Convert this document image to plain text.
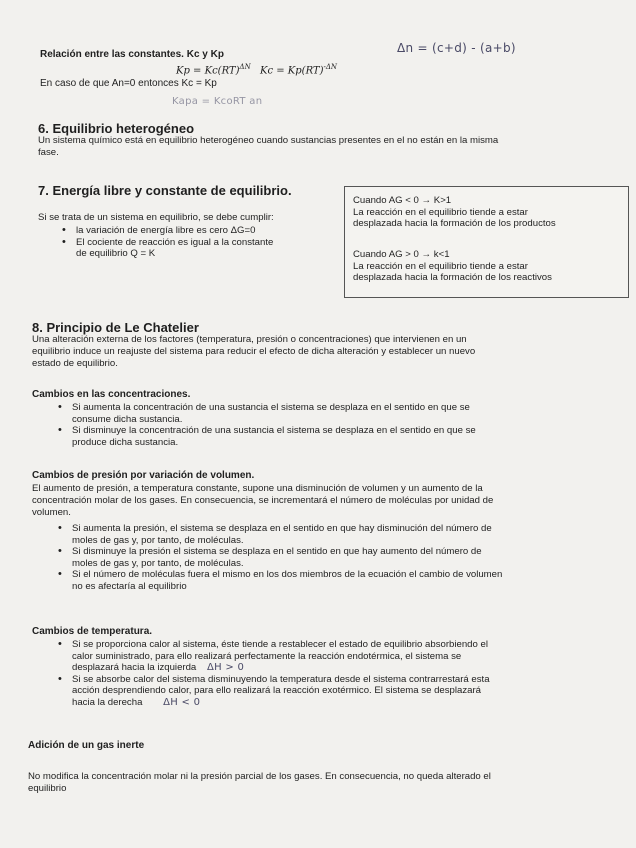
Relación entre las constantes. Kc y Kp	Δn = (c+d) - (a+b)
Kp = Kc(RT)$^{\Delta N}$ Kc = Kp(RT)$^{-\Delta N}$
En caso de que An=0 entonces Kc = Kp
Kapa = KcoRT an
6. Equilibrio heterogéneo
Un sistema químico está en equilibrio heterogéneo cuando sustancias presentes en el no están en la misma
fase.
7. Energía libre y constante de equilibrio.
Si se trata de un sistema en equilibrio, se debe cumplir:
• la variación de energía libre es cero ΔG=0
• El cociente de reacción es igual a la constante
de equilibrio Q = K

Cuando AG < 0 → K>1

La reacción en el equilibrio tiende a estar

desplazada hacia la formación de los productos

Cuando AG > 0 → k<1

La reacción en el equilibrio tiende a estar

desplazada hacia la formación de los reactivos

8. Principio de Le Chatelier
Una alteración externa de los factores (temperatura, presión o concentraciones) que intervienen en un
equilibrio induce un reajuste del sistema para reducir el efecto de dicha alteración y establecer un nuevo
estado de equilibrio.
Cambios en las concentraciones.
• Si aumenta la concentración de una sustancia el sistema se desplaza en el sentido en que se
consume dicha sustancia.
• Si disminuye la concentración de una sustancia el sistema se desplaza en el sentido en que se
produce dicha sustancia.
Cambios de presión por variación de volumen.
El aumento de presión, a temperatura constante, supone una disminución de volumen y un aumento de la
concentración molar de los gases. En consecuencia, se incrementará el número de moléculas por unidad de
volumen.
• Si aumenta la presión, el sistema se desplaza en el sentido en que hay disminución del número de
moles de gas y, por tanto, de moléculas.
• Si disminuye la presión el sistema se desplaza en el sentido en que hay aumento del número de
moles de gas y, por tanto, de moléculas.
• Si el número de moléculas fuera el mismo en los dos miembros de la ecuación el cambio de volumen
no es afectaría al equilibrio
Cambios de temperatura.
• Si se proporciona calor al sistema, éste tiende a restablecer el estado de equilibrio absorbiendo el
calor suministrado, para ello realizará perfectamente la reacción endotérmica, el sistema se
desplazará hacia la izquierda ΔH > 0
• Si se absorbe calor del sistema disminuyendo la temperatura desde el sistema contrarrestará esta
acción desprendiendo calor, para ello realizará la reacción exotérmico. El sistema se desplazará
hacia la derecha ΔH < 0
Adición de un gas inerte
No modifica la concentración molar ni la presión parcial de los gases. En consecuencia, no queda alterado el
equilibrio
